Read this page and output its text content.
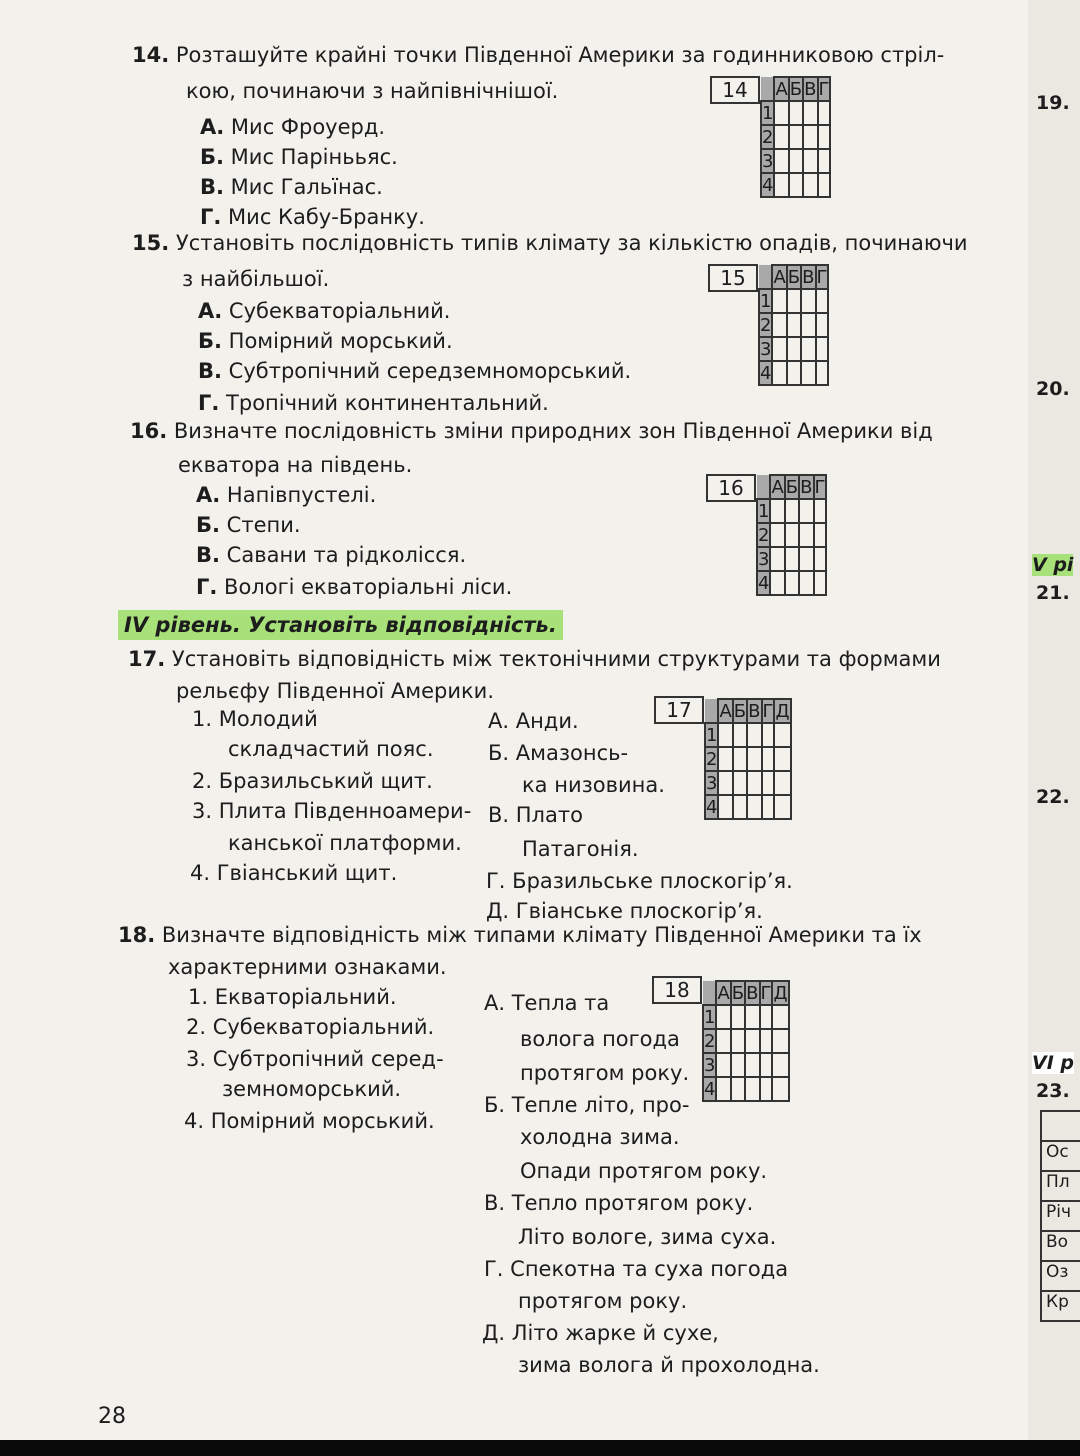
14. Розташуйте крайні точки Південної Америки за годинниковою стріл-
кою, починаючи з найпівнічнішої.
А. Мис Фроуерд.
Б. Мис Парінььяс.
В. Мис Гальїнас.
Г. Мис Кабу-Бранку.
14
		А	Б	В	Г
1				
2				
3				
4				
15. Установіть послідовність типів клімату за кількістю опадів, починаючи
з найбільшої.
А. Субекваторіальний.
Б. Помірний морський.
В. Субтропічний середземноморський.
Г. Тропічний континентальний.
15
		А	Б	В	Г
1				
2				
3				
4				
16. Визначте послідовність зміни природних зон Південної Америки від
екватора на південь.
А. Напівпустелі.
Б. Степи.
В. Савани та рідколісся.
Г. Вологі екваторіальні ліси.
16
		А	Б	В	Г
1				
2				
3				
4				
IV рівень. Установіть відповідність.
17. Установіть відповідність між тектонічними структурами та формами
рельєфу Південної Америки.
1. Молодий
складчастий пояс.
2. Бразильський щит.
3. Плита Південноамери-
канської платформи.
4. Гвіанський щит.
А. Анди.
Б. Амазонсь-
ка низовина.
В. Плато
Патагонія.
Г. Бразильське плоскогір’я.
Д. Гвіанське плоскогір’я.
17
		А	Б	В	Г	Д
1					
2					
3					
4					
18. Визначте відповідність між типами клімату Південної Америки та їх
характерними ознаками.
1. Екваторіальний.
2. Субекваторіальний.
3. Субтропічний серед-
земноморський.
4. Помірний морський.
А. Тепла та
волога погода
протягом року.
Б. Тепле літо, про-
холодна зима.
Опади протягом року.
В. Тепло протягом року.
Літо вологе, зима суха.
Г. Спекотна та суха погода
протягом року.
Д. Літо жарке й сухе,
зима волога й прохолодна.
18
		А	Б	В	Г	Д
1					
2					
3					
4					
28
19.
20.
V рі
21.
22.
VI р
23.
Ос
Пл
Річ
Во
Оз
Кр
